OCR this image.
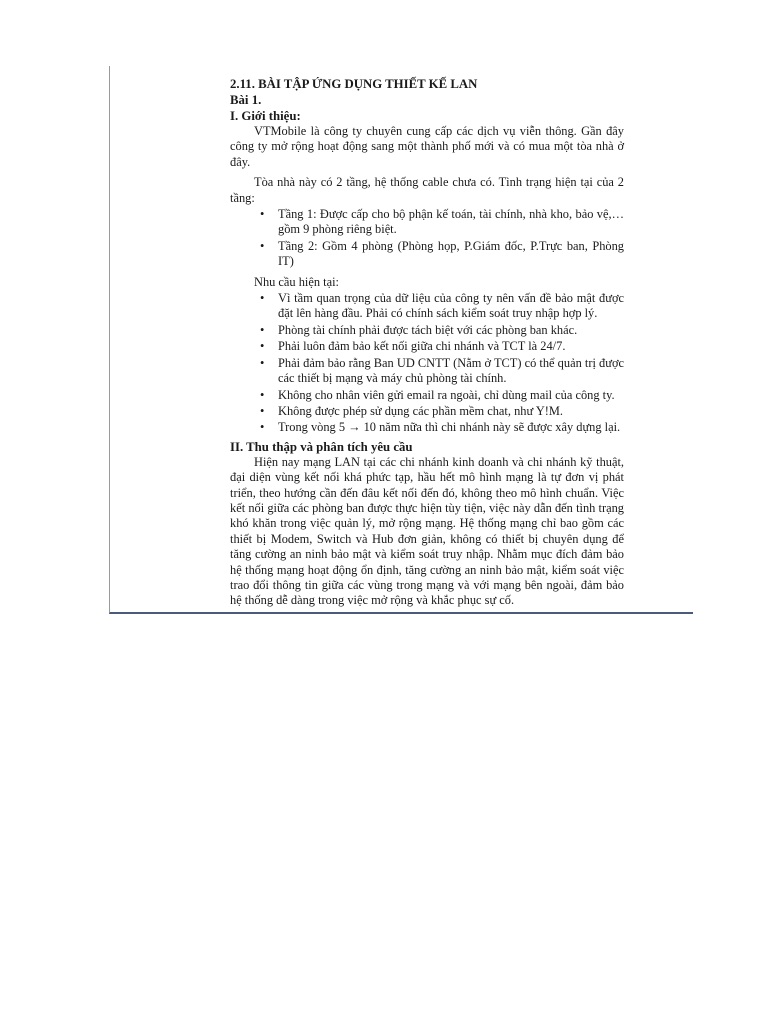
2.11. BÀI TẬP ỨNG DỤNG THIẾT KẾ LAN
Bài 1.
I. Giới thiệu:

VTMobile là công ty chuyên cung cấp các dịch vụ viễn thông. Gần đây công ty mở rộng hoạt động sang một thành phố mới và có mua một tòa nhà ở đây.

Tòa nhà này có 2 tầng, hệ thống cable chưa có. Tình trạng hiện tại của 2 tầng:

• Tầng 1: Được cấp cho bộ phận kế toán, tài chính, nhà kho, bảo vệ,… gồm 9 phòng riêng biệt.
• Tầng 2: Gồm 4 phòng (Phòng họp, P.Giám đốc, P.Trực ban, Phòng IT)

Nhu cầu hiện tại:

• Vì tầm quan trọng của dữ liệu của công ty nên vấn đề bảo mật được đặt lên hàng đầu. Phải có chính sách kiểm soát truy nhập hợp lý.
• Phòng tài chính phải được tách biệt với các phòng ban khác.
• Phải luôn đảm bảo kết nối giữa chi nhánh và TCT là 24/7.
• Phải đảm bảo rằng Ban UD CNTT (Nằm ở TCT) có thể quản trị được các thiết bị mạng và máy chủ phòng tài chính.
• Không cho nhân viên gửi email ra ngoài, chỉ dùng mail của công ty.
• Không được phép sử dụng các phần mềm chat, như Y!M.
• Trong vòng 5 → 10 năm nữa thì chi nhánh này sẽ được xây dựng lại.
II. Thu thập và phân tích yêu cầu

Hiện nay mạng LAN tại các chi nhánh kinh doanh và chi nhánh kỹ thuật, đại diện vùng kết nối khá phức tạp, hầu hết mô hình mạng là tự đơn vị phát triển, theo hướng cần đến đâu kết nối đến đó, không theo mô hình chuẩn. Việc kết nối giữa các phòng ban được thực hiện tùy tiện, việc này dẫn đến tình trạng khó khăn trong việc quản lý, mở rộng mạng. Hệ thống mạng chỉ bao gồm các thiết bị Modem, Switch và Hub đơn giản, không có thiết bị chuyên dụng để tăng cường an ninh bảo mật và kiểm soát truy nhập. Nhằm mục đích đảm bảo hệ thống mạng hoạt động ổn định, tăng cường an ninh bảo mật, kiểm soát việc trao đổi thông tin giữa các vùng trong mạng và với mạng bên ngoài, đảm bảo hệ thống dễ dàng trong việc mở rộng và khắc phục sự cố.
